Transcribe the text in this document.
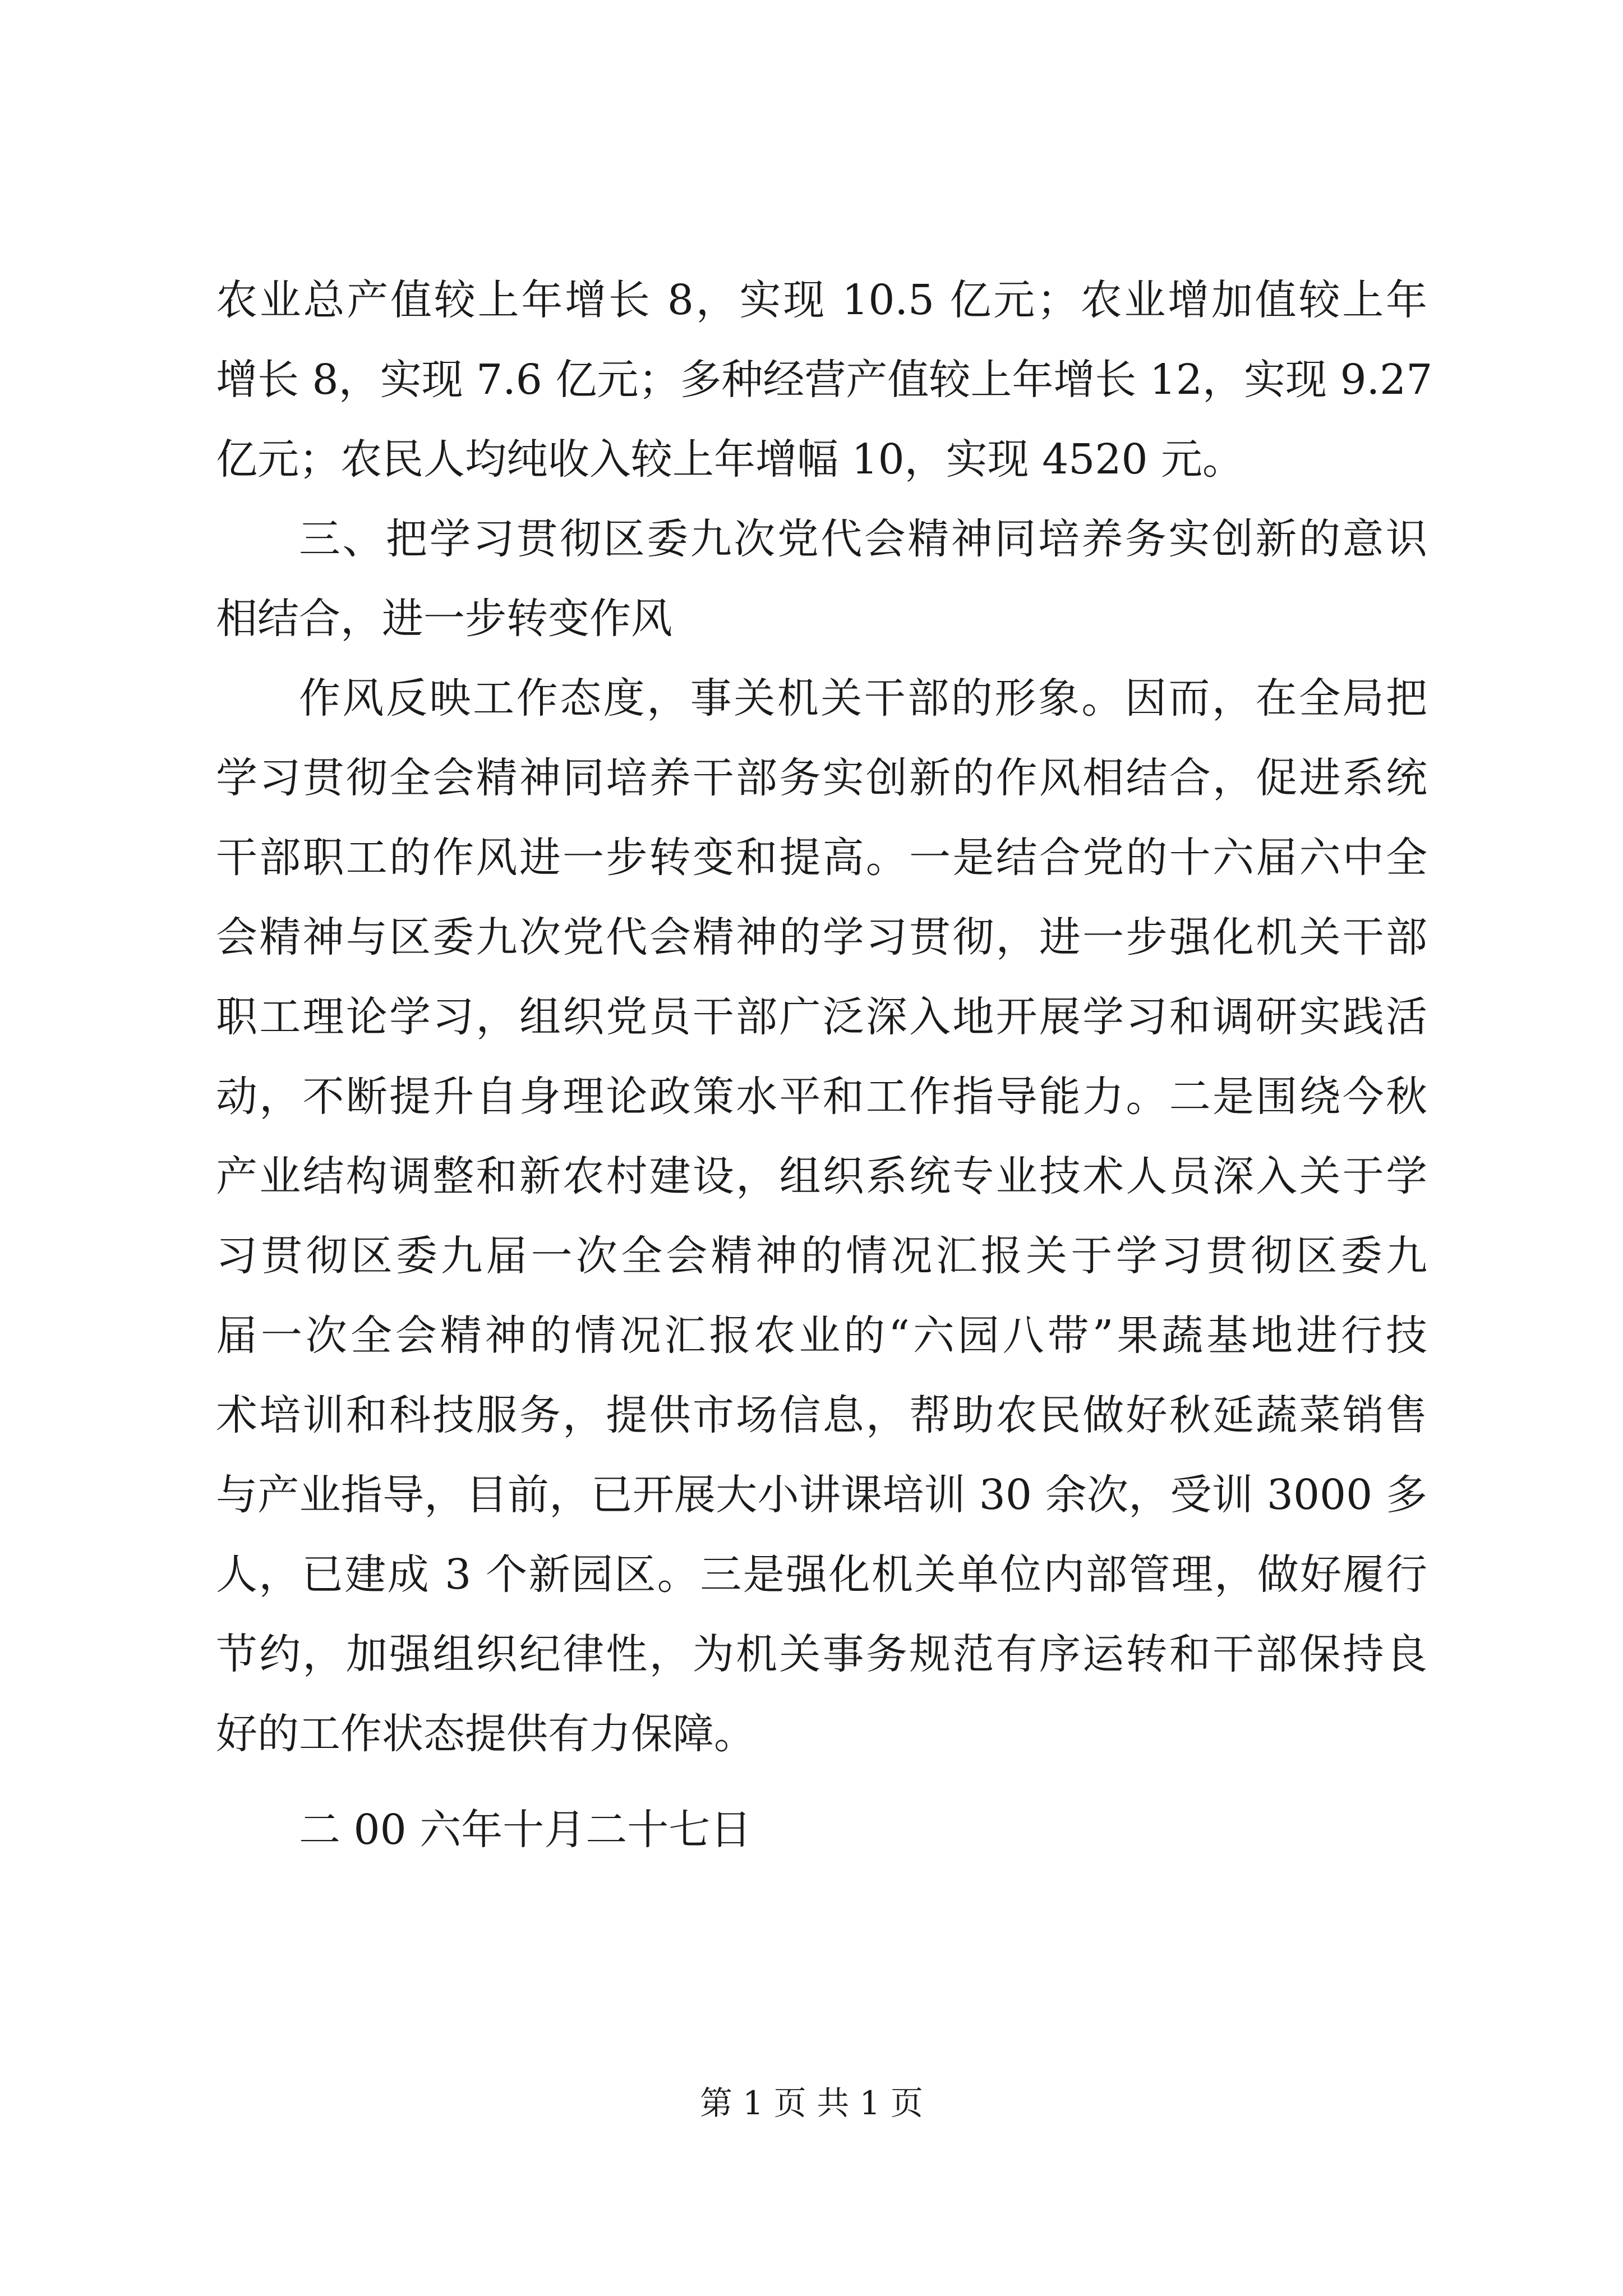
农业总产值较上年增长 8，实现 10.5 亿元；农业增加值较上年
增长 8，实现 7.6 亿元；多种经营产值较上年增长 12，实现 9.27
亿元；农民人均纯收入较上年增幅 10，实现 4520 元。
三、把学习贯彻区委九次党代会精神同培养务实创新的意识
相结合，进一步转变作风
作风反映工作态度，事关机关干部的形象。因而，在全局把
学习贯彻全会精神同培养干部务实创新的作风相结合，促进系统
干部职工的作风进一步转变和提高。一是结合党的十六届六中全
会精神与区委九次党代会精神的学习贯彻，进一步强化机关干部
职工理论学习，组织党员干部广泛深入地开展学习和调研实践活
动，不断提升自身理论政策水平和工作指导能力。二是围绕今秋
产业结构调整和新农村建设，组织系统专业技术人员深入关于学
习贯彻区委九届一次全会精神的情况汇报关于学习贯彻区委九
届一次全会精神的情况汇报农业的“六园八带”果蔬基地进行技
术培训和科技服务，提供市场信息，帮助农民做好秋延蔬菜销售
与产业指导，目前，已开展大小讲课培训 30 余次，受训 3000 多
人，已建成 3 个新园区。三是强化机关单位内部管理，做好履行
节约，加强组织纪律性，为机关事务规范有序运转和干部保持良
好的工作状态提供有力保障。
二 00 六年十月二十七日
第 1 页 共 1 页
